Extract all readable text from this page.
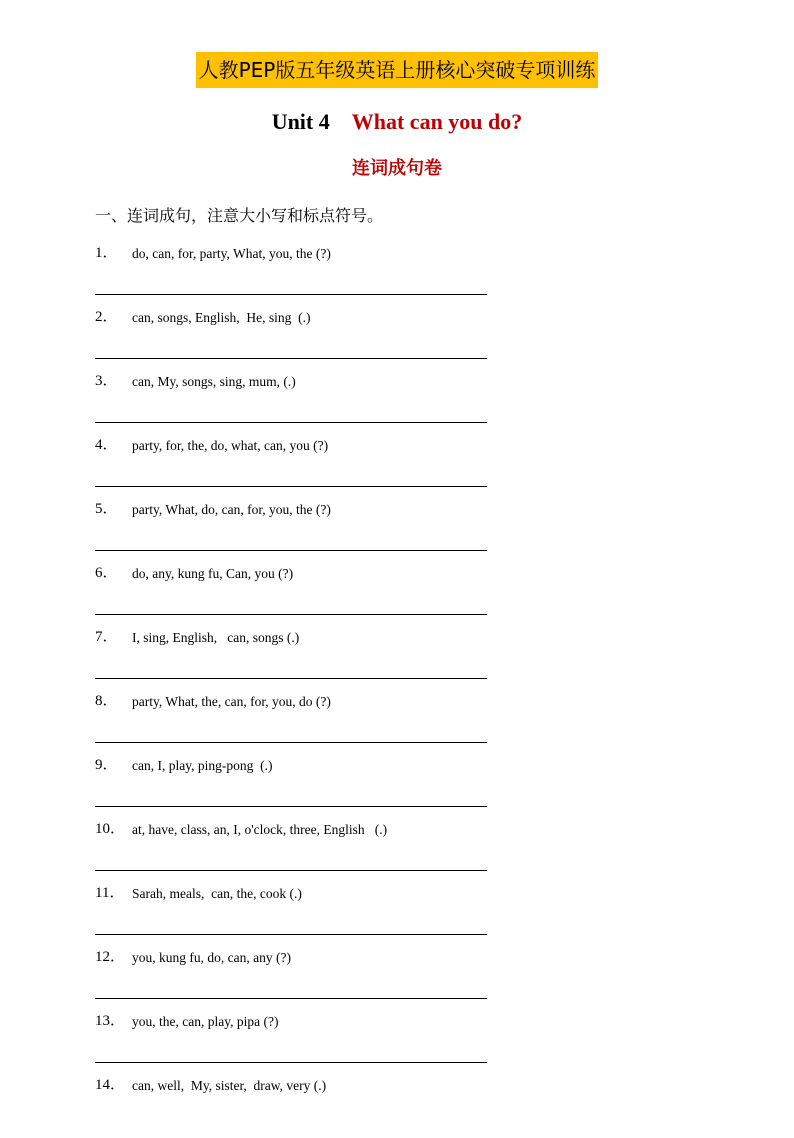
人教PEP版五年级英语上册核心突破专项训练
Unit 4 What can you do?
连词成句卷
一、连词成句，注意大小写和标点符号。
1． do, can, for, party, What, you, the (?)
2． can, songs, English,  He, sing  (.)
3． can, My, songs, sing, mum, (.)
4． party, for, the, do, what, can, you (?)
5． party, What, do, can, for, you, the (?)
6． do, any, kung fu, Can, you (?)
7． I, sing, English,   can, songs (.)
8． party, What, the, can, for, you, do (?)
9． can, I, play, ping-pong  (.)
10． at, have, class, an, I, o'clock, three, English   (.)
11． Sarah, meals,  can, the, cook (.)
12． you, kung fu, do, can, any (?)
13． you, the, can, play, pipa (?)
14． can, well,  My, sister,  draw, very (.)
